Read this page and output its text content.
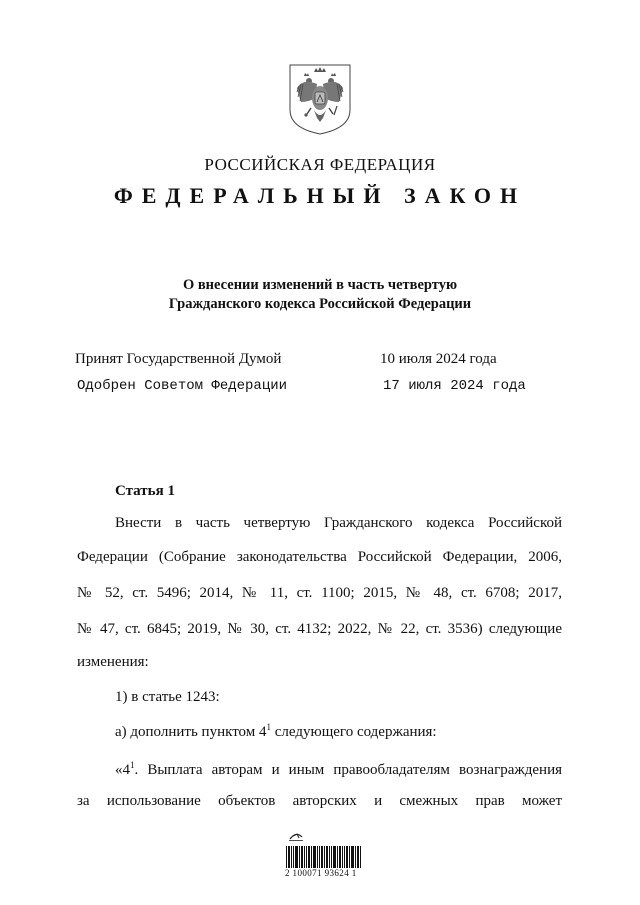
РОССИЙСКАЯ ФЕДЕРАЦИЯ
ФЕДЕРАЛЬНЫЙ ЗАКОН
О внесении изменений в часть четвертую
Гражданского кодекса Российской Федерации
Принят Государственной Думой	10 июля 2024 года
Одобрен Советом Федерации	17 июля 2024 года
Статья 1
Внести в часть четвертую Гражданского кодекса Российской
Федерации (Собрание законодательства Российской Федерации, 2006,
№ 52, ст. 5496; 2014, № 11, ст. 1100; 2015, № 48, ст. 6708; 2017,
№ 47, ст. 6845; 2019, № 30, ст. 4132; 2022, № 22, ст. 3536) следующие
изменения:
1) в статье 1243:
а) дополнить пунктом $4^1$ следующего содержания:
«$4^1$. Выплата авторам и иным правообладателям вознаграждения
за использование объектов авторских и смежных прав может
2 100071 93624 1
